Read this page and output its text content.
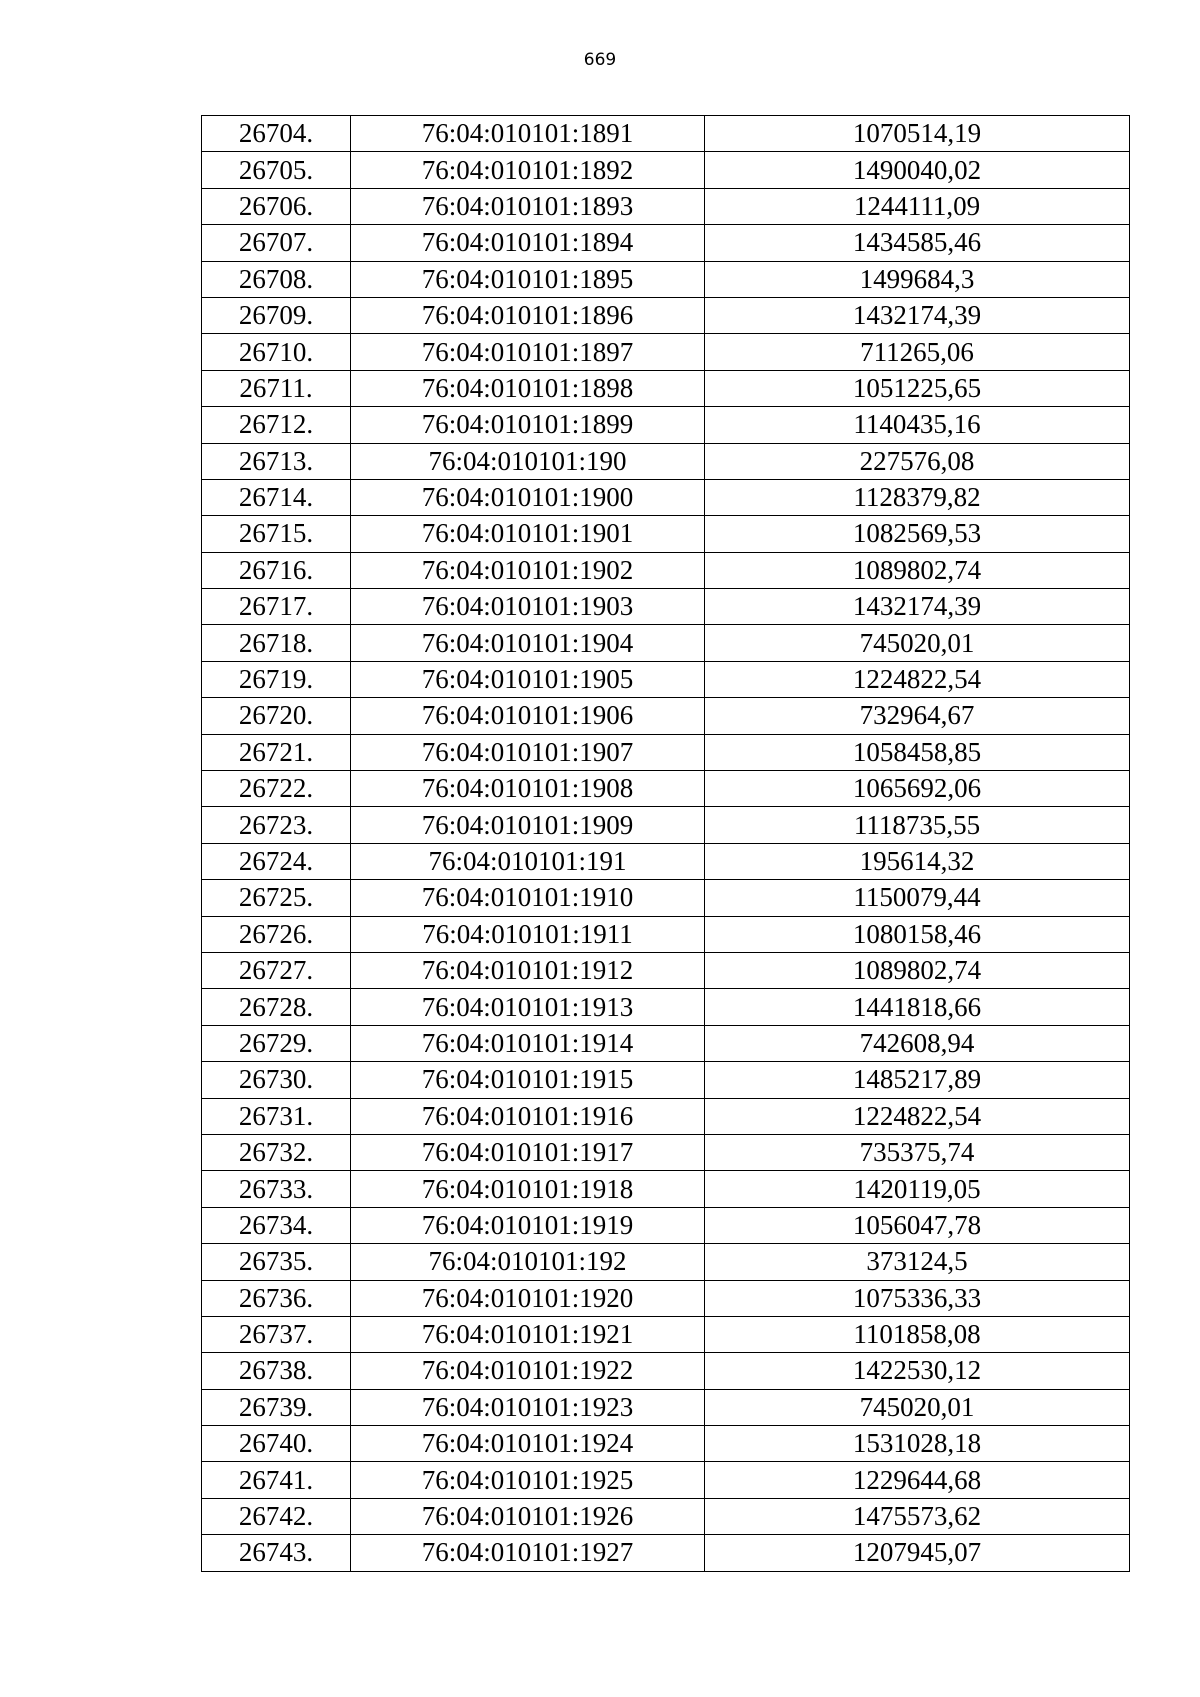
669
26704.	76:04:010101:1891	1070514,19
26705.	76:04:010101:1892	1490040,02
26706.	76:04:010101:1893	1244111,09
26707.	76:04:010101:1894	1434585,46
26708.	76:04:010101:1895	1499684,3
26709.	76:04:010101:1896	1432174,39
26710.	76:04:010101:1897	711265,06
26711.	76:04:010101:1898	1051225,65
26712.	76:04:010101:1899	1140435,16
26713.	76:04:010101:190	227576,08
26714.	76:04:010101:1900	1128379,82
26715.	76:04:010101:1901	1082569,53
26716.	76:04:010101:1902	1089802,74
26717.	76:04:010101:1903	1432174,39
26718.	76:04:010101:1904	745020,01
26719.	76:04:010101:1905	1224822,54
26720.	76:04:010101:1906	732964,67
26721.	76:04:010101:1907	1058458,85
26722.	76:04:010101:1908	1065692,06
26723.	76:04:010101:1909	1118735,55
26724.	76:04:010101:191	195614,32
26725.	76:04:010101:1910	1150079,44
26726.	76:04:010101:1911	1080158,46
26727.	76:04:010101:1912	1089802,74
26728.	76:04:010101:1913	1441818,66
26729.	76:04:010101:1914	742608,94
26730.	76:04:010101:1915	1485217,89
26731.	76:04:010101:1916	1224822,54
26732.	76:04:010101:1917	735375,74
26733.	76:04:010101:1918	1420119,05
26734.	76:04:010101:1919	1056047,78
26735.	76:04:010101:192	373124,5
26736.	76:04:010101:1920	1075336,33
26737.	76:04:010101:1921	1101858,08
26738.	76:04:010101:1922	1422530,12
26739.	76:04:010101:1923	745020,01
26740.	76:04:010101:1924	1531028,18
26741.	76:04:010101:1925	1229644,68
26742.	76:04:010101:1926	1475573,62
26743.	76:04:010101:1927	1207945,07
